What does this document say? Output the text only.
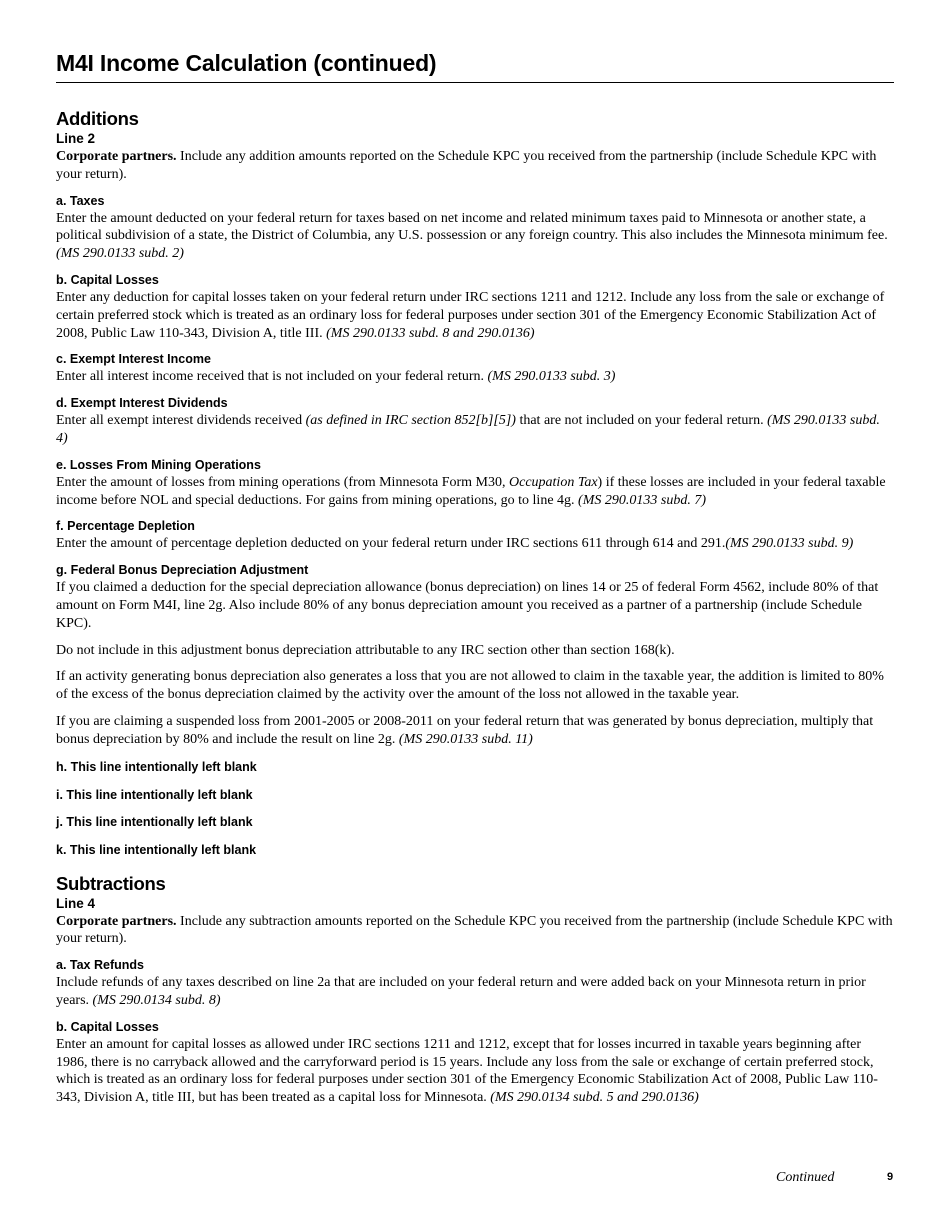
M4I Income Calculation (continued)
Additions
Line 2

Corporate partners. Include any addition amounts reported on the Schedule KPC you received from the partnership (include Schedule KPC with your return).

a. Taxes

Enter the amount deducted on your federal return for taxes based on net income and related minimum taxes paid to Minnesota or another state, a political subdivision of a state, the District of Columbia, any U.S. possession or any foreign country. This also includes the Minnesota minimum fee. (MS 290.0133 subd. 2)

b. Capital Losses

Enter any deduction for capital losses taken on your federal return under IRC sections 1211 and 1212. Include any loss from the sale or exchange of certain preferred stock which is treated as an ordinary loss for federal purposes under section 301 of the Emergency Economic Stabilization Act of 2008, Public Law 110-343, Division A, title III. (MS 290.0133 subd. 8 and 290.0136)

c. Exempt Interest Income

Enter all interest income received that is not included on your federal return. (MS 290.0133 subd. 3)

d. Exempt Interest Dividends

Enter all exempt interest dividends received (as defined in IRC section 852[b][5]) that are not included on your federal return. (MS 290.0133 subd. 4)

e. Losses From Mining Operations

Enter the amount of losses from mining operations (from Minnesota Form M30, Occupation Tax) if these losses are included in your federal taxable income before NOL and special deductions. For gains from mining operations, go to line 4g. (MS 290.0133 subd. 7)

f. Percentage Depletion

Enter the amount of percentage depletion deducted on your federal return under IRC sections 611 through 614 and 291.(MS 290.0133 subd. 9)

g. Federal Bonus Depreciation Adjustment

If you claimed a deduction for the special depreciation allowance (bonus depreciation) on lines 14 or 25 of federal Form 4562, include 80% of that amount on Form M4I, line 2g. Also include 80% of any bonus depreciation amount you received as a partner of a partnership (include Schedule KPC).

Do not include in this adjustment bonus depreciation attributable to any IRC section other than section 168(k).

If an activity generating bonus depreciation also generates a loss that you are not allowed to claim in the taxable year, the addition is limited to 80% of the excess of the bonus depreciation claimed by the activity over the amount of the loss not allowed in the taxable year.

If you are claiming a suspended loss from 2001-2005 or 2008-2011 on your federal return that was generated by bonus depreciation, multiply that bonus depreciation by 80% and include the result on line 2g. (MS 290.0133 subd. 11)

h. This line intentionally left blank
i. This line intentionally left blank
j. This line intentionally left blank
k. This line intentionally left blank
Subtractions
Line 4

Corporate partners. Include any subtraction amounts reported on the Schedule KPC you received from the partnership (include Schedule KPC with your return).

a. Tax Refunds

Include refunds of any taxes described on line 2a that are included on your federal return and were added back on your Minnesota return in prior years. (MS 290.0134 subd. 8)

b. Capital Losses

Enter an amount for capital losses as allowed under IRC sections 1211 and 1212, except that for losses incurred in taxable years beginning after 1986, there is no carryback allowed and the carryforward period is 15 years. Include any loss from the sale or exchange of certain preferred stock, which is treated as an ordinary loss for federal purposes under section 301 of the Emergency Economic Stabilization Act of 2008, Public Law 110-343, Division A, title III, but has been treated as a capital loss for Minnesota. (MS 290.0134 subd. 5 and 290.0136)

Continued	9
